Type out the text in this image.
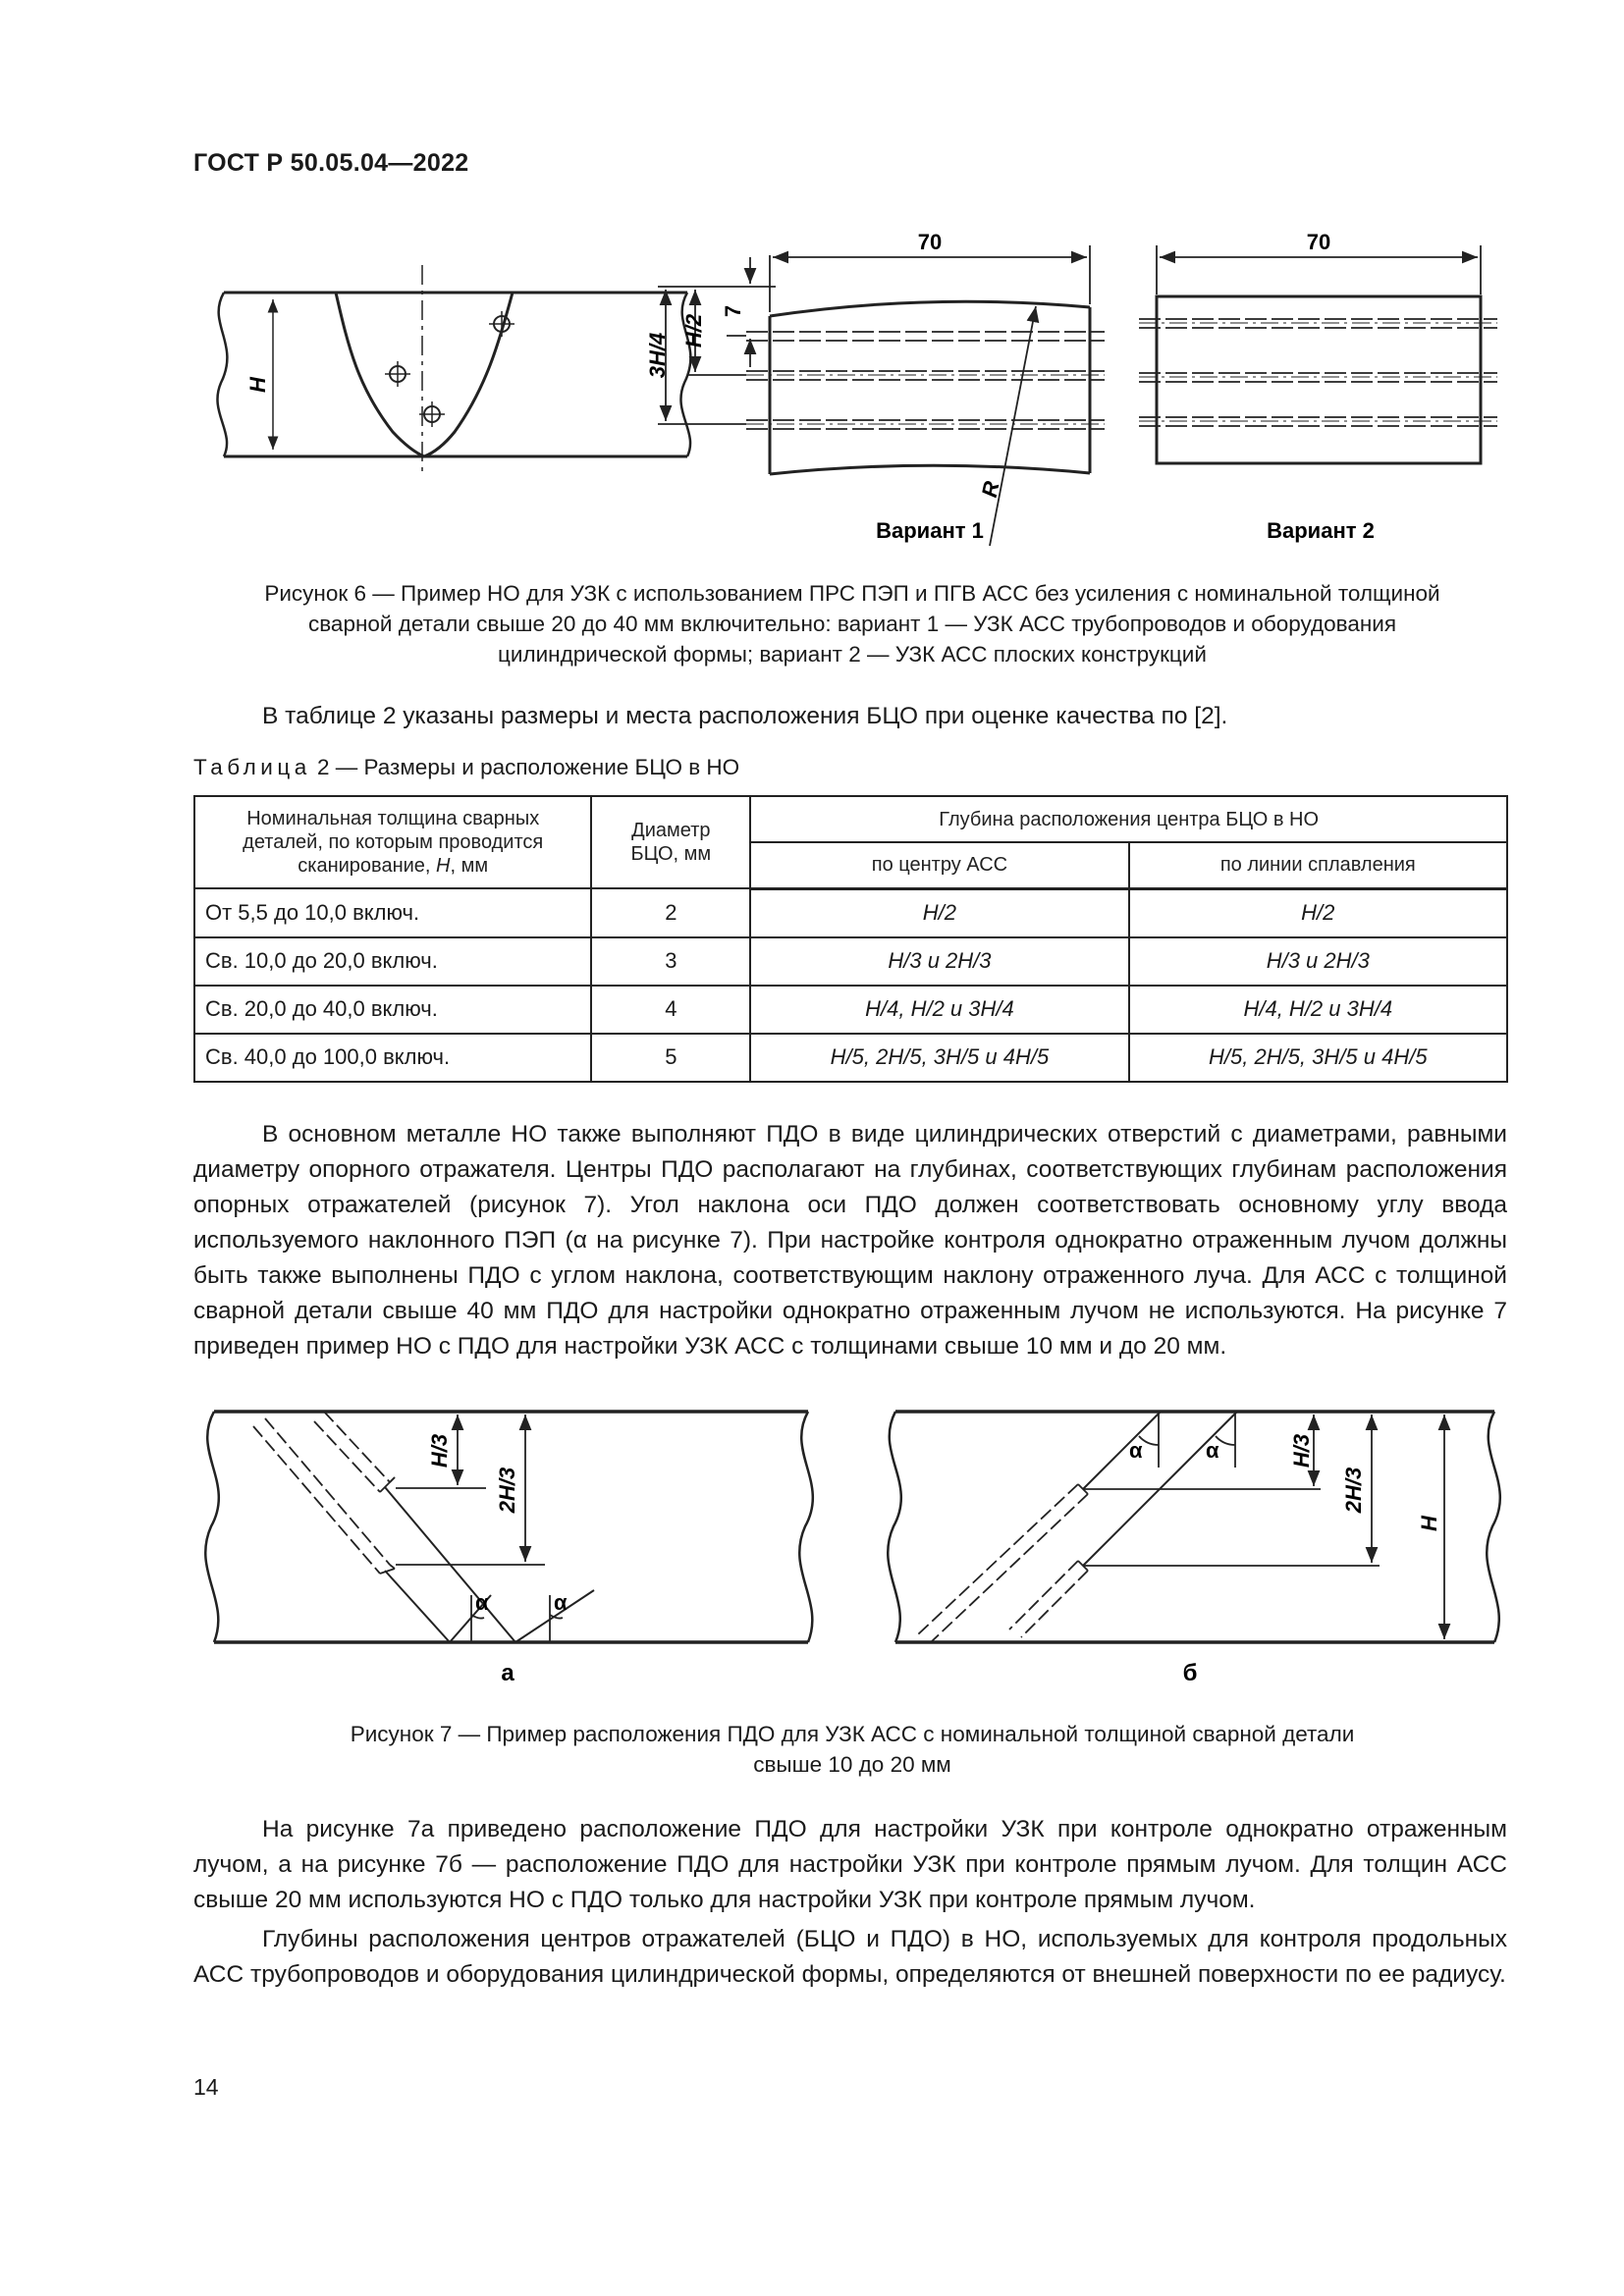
ГОСТ Р 50.05.04—2022
H
70
3H/4
H/2
7
R
Вариант 1
70
Вариант 2
Рисунок 6 — Пример НО для УЗК с использованием ПРС ПЭП и ПГВ АСС без усиления с номинальной толщиной
сварной детали свыше 20 до 40 мм включительно: вариант 1 — УЗК АСС трубопроводов и оборудования
цилиндрической формы; вариант 2 — УЗК АСС плоских конструкций

В таблице 2 указаны размеры и места расположения БЦО при оценке качества по [2].

Таблица 2 — Размеры и расположение БЦО в НО
Номинальная толщина сварных
деталей, по которым проводится
сканирование, H, мм	Диаметр
БЦО, мм	Глубина расположения центра БЦО в НО	
		по центру АСС	по линии сплавления
От 5,5 до 10,0 включ.	2	H/2	H/2
Св. 10,0 до 20,0 включ.	3	H/3 и 2H/3	H/3 и 2H/3
Св. 20,0 до 40,0 включ.	4	H/4, H/2 и 3H/4	H/4, H/2 и 3H/4
Св. 40,0 до 100,0 включ.	5	H/5, 2H/5, 3H/5 и 4H/5	H/5, 2H/5, 3H/5 и 4H/5

В основном металле НО также выполняют ПДО в виде цилиндрических отверстий с диаметрами, равными диаметру опорного отражателя. Центры ПДО располагают на глубинах, соответствующих глубинам расположения опорных отражателей (рисунок 7). Угол наклона оси ПДО должен соответствовать основному углу ввода используемого наклонного ПЭП (α на рисунке 7). При настройке контроля однократно отраженным лучом должны быть также выполнены ПДО с углом наклона, соответствующим наклону отраженного луча. Для АСС с толщиной сварной детали свыше 40 мм ПДО для настройки однократно отраженным лучом не используются. На рисунке 7 приведен пример НО с ПДО для настройки УЗК АСС с толщинами свыше 10 мм и до 20 мм.

H/3
2H/3
α	α
а
α	α	H/3
2H/3
H
б
Рисунок 7 — Пример расположения ПДО для УЗК АСС с номинальной толщиной сварной детали
свыше 10 до 20 мм

На рисунке 7а приведено расположение ПДО для настройки УЗК при контроле однократно отраженным лучом, а на рисунке 7б — расположение ПДО для настройки УЗК при контроле прямым лучом. Для толщин АСС свыше 20 мм используются НО с ПДО только для настройки УЗК при контроле прямым лучом.

Глубины расположения центров отражателей (БЦО и ПДО) в НО, используемых для контроля продольных АСС трубопроводов и оборудования цилиндрической формы, определяются от внешней поверхности по ее радиусу.

14
